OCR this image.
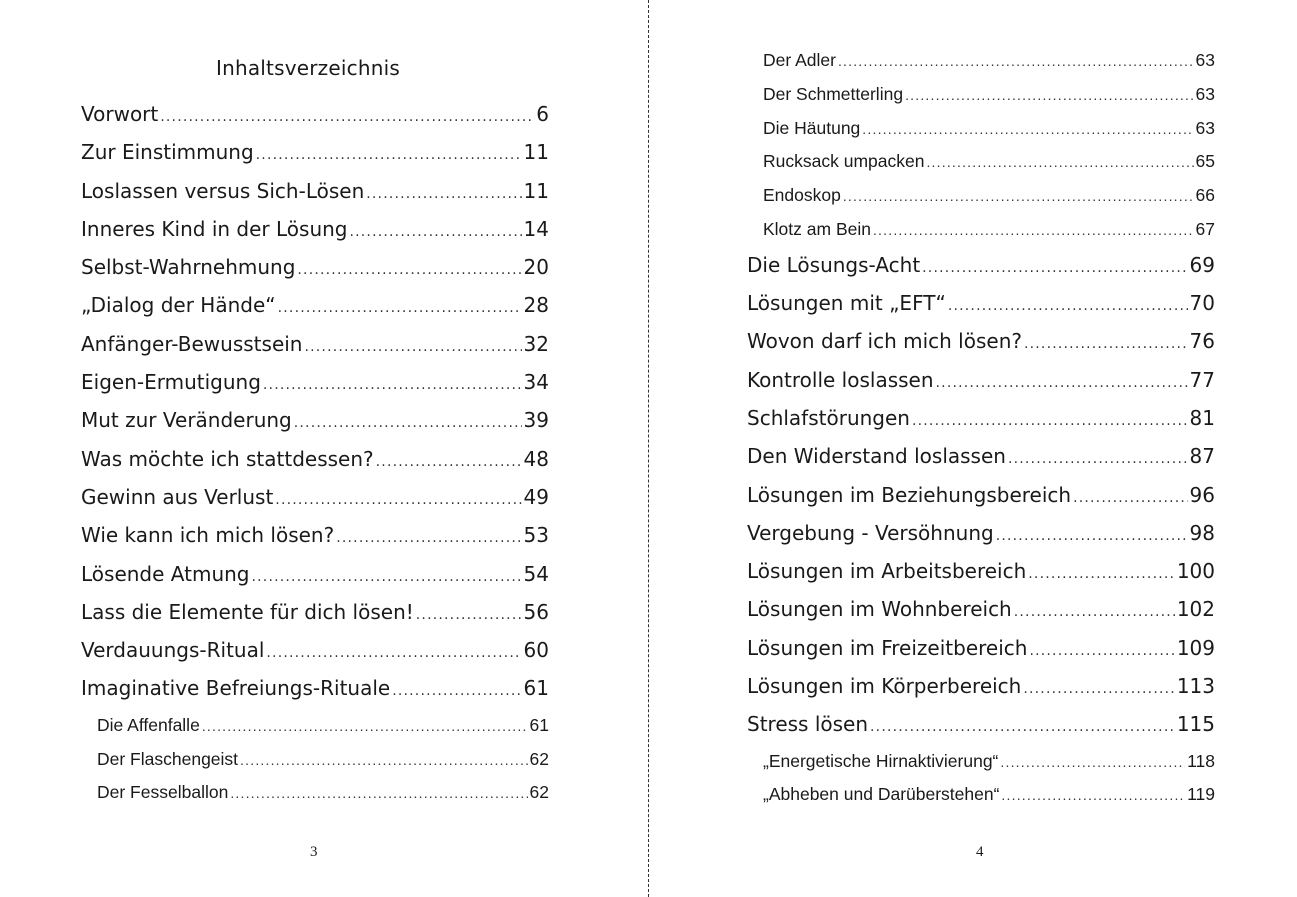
Inhaltsverzeichnis
Vorwort .....	6
Zur Einstimmung .....	11
Loslassen versus Sich-Lösen .....	11
Inneres Kind in der Lösung .....	14
Selbst-Wahrnehmung .....	20
„Dialog der Hände“ .....	28
Anfänger-Bewusstsein .....	32
Eigen-Ermutigung .....	34
Mut zur Veränderung .....	39
Was möchte ich stattdessen? .....	48
Gewinn aus Verlust .....	49
Wie kann ich mich lösen? .....	53
Lösende Atmung .....	54
Lass die Elemente für dich lösen! .....	56
Verdauungs-Ritual .....	60
Imaginative Befreiungs-Rituale .....	61
Die Affenfalle .....	61
Der Flaschengeist .....	62
Der Fesselballon .....	62
3
Der Adler .....	63
Der Schmetterling .....	63
Die Häutung .....	63
Rucksack umpacken .....	65
Endoskop .....	66
Klotz am Bein .....	67
Die Lösungs-Acht .....	69
Lösungen mit „EFT“ .....	70
Wovon darf ich mich lösen? .....	76
Kontrolle loslassen .....	77
Schlafstörungen .....	81
Den Widerstand loslassen .....	87
Lösungen im Beziehungsbereich .....	96
Vergebung - Versöhnung .....	98
Lösungen im Arbeitsbereich .....	100
Lösungen im Wohnbereich .....	102
Lösungen im Freizeitbereich .....	109
Lösungen im Körperbereich .....	113
Stress lösen .....	115
„Energetische Hirnaktivierung“ .....	118
„Abheben und Darüberstehen“ .....	119
4
